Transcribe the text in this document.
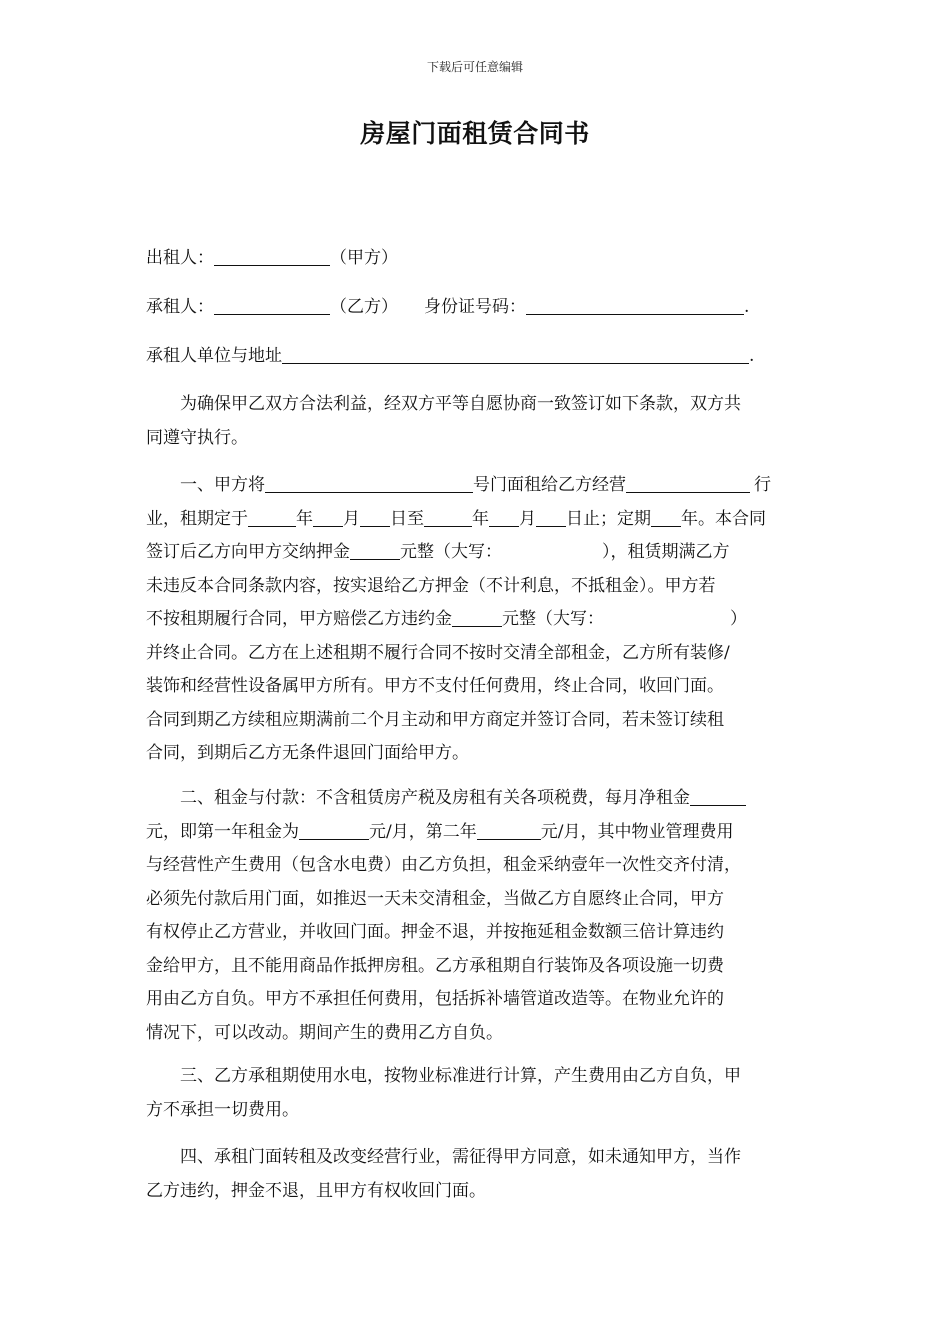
下载后可任意编辑
房屋门面租赁合同书
出租人：	（甲方）
承租人：	（乙方） 身份证号码：	.
承租人单位与地址	.
为确保甲乙双方合法利益，经双方平等自愿协商一致签订如下条款，双方共
同遵守执行。
一、甲方将	号门面租给乙方经营	行
业，租期定于	年 月 日至	年 月 日止；定期 年。本合同
签订后乙方向甲方交纳押金	元整（大写：	），租赁期满乙方
未违反本合同条款内容，按实退给乙方押金（不计利息，不抵租金）。甲方若
不按租期履行合同，甲方赔偿乙方违约金	元整（大写：	）
并终止合同。乙方在上述租期不履行合同不按时交清全部租金，乙方所有装修/
装饰和经营性设备属甲方所有。甲方不支付任何费用，终止合同，收回门面。
合同到期乙方续租应期满前二个月主动和甲方商定并签订合同，若未签订续租
合同，到期后乙方无条件退回门面给甲方。
二、租金与付款：不含租赁房产税及房租有关各项税费，每月净租金
元，即第一年租金为	元/月，第二年	元/月，其中物业管理费用
与经营性产生费用（包含水电费）由乙方负担，租金采纳壹年一次性交齐付清，
必须先付款后用门面，如推迟一天未交清租金，当做乙方自愿终止合同，甲方
有权停止乙方营业，并收回门面。押金不退，并按拖延租金数额三倍计算违约
金给甲方，且不能用商品作抵押房租。乙方承租期自行装饰及各项设施一切费
用由乙方自负。甲方不承担任何费用，包括拆补墙管道改造等。在物业允许的
情况下，可以改动。期间产生的费用乙方自负。
三、乙方承租期使用水电，按物业标准进行计算，产生费用由乙方自负，甲
方不承担一切费用。
四、承租门面转租及改变经营行业，需征得甲方同意，如未通知甲方，当作
乙方违约，押金不退，且甲方有权收回门面。
